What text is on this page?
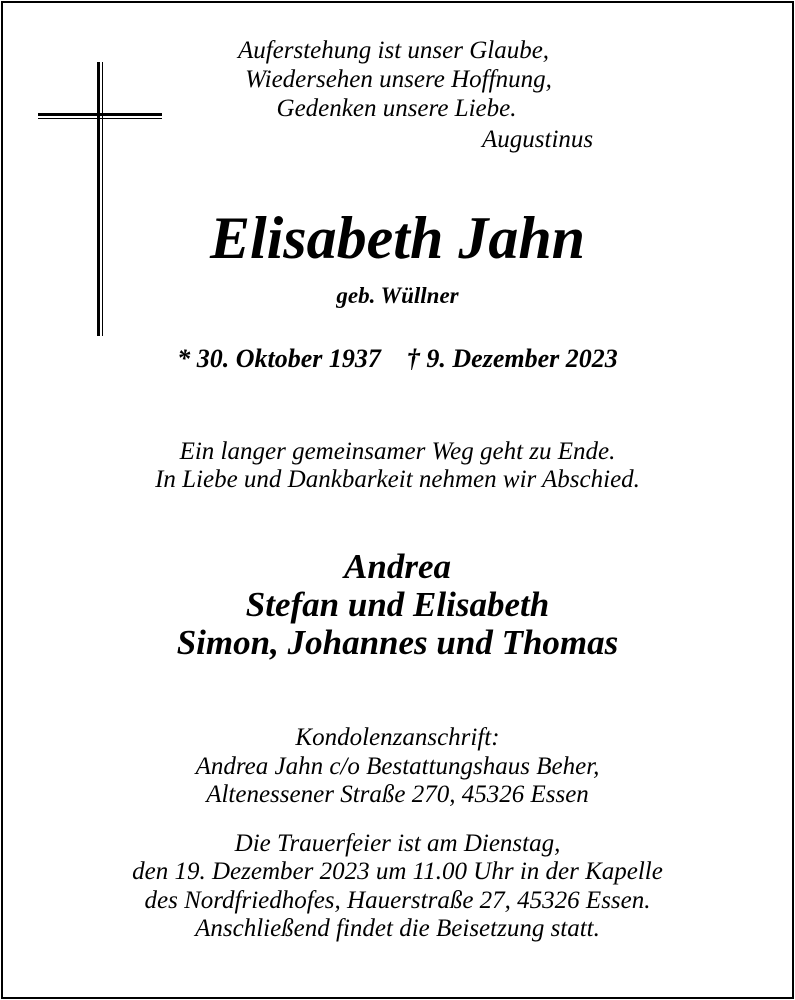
Auferstehung ist unser Glaube,
Wiedersehen unsere Hoffnung,
Gedenken unsere Liebe.
Augustinus
Elisabeth Jahn
geb. Wüllner
* 30. Oktober 1937 † 9. Dezember 2023
Ein langer gemeinsamer Weg geht zu Ende.
In Liebe und Dankbarkeit nehmen wir Abschied.
Andrea
Stefan und Elisabeth
Simon, Johannes und Thomas
Kondolenzanschrift:
Andrea Jahn c/o Bestattungshaus Beher,
Altenessener Straße 270, 45326 Essen
Die Trauerfeier ist am Dienstag,
den 19. Dezember 2023 um 11.00 Uhr in der Kapelle
des Nordfriedhofes, Hauerstraße 27, 45326 Essen.
Anschließend findet die Beisetzung statt.
